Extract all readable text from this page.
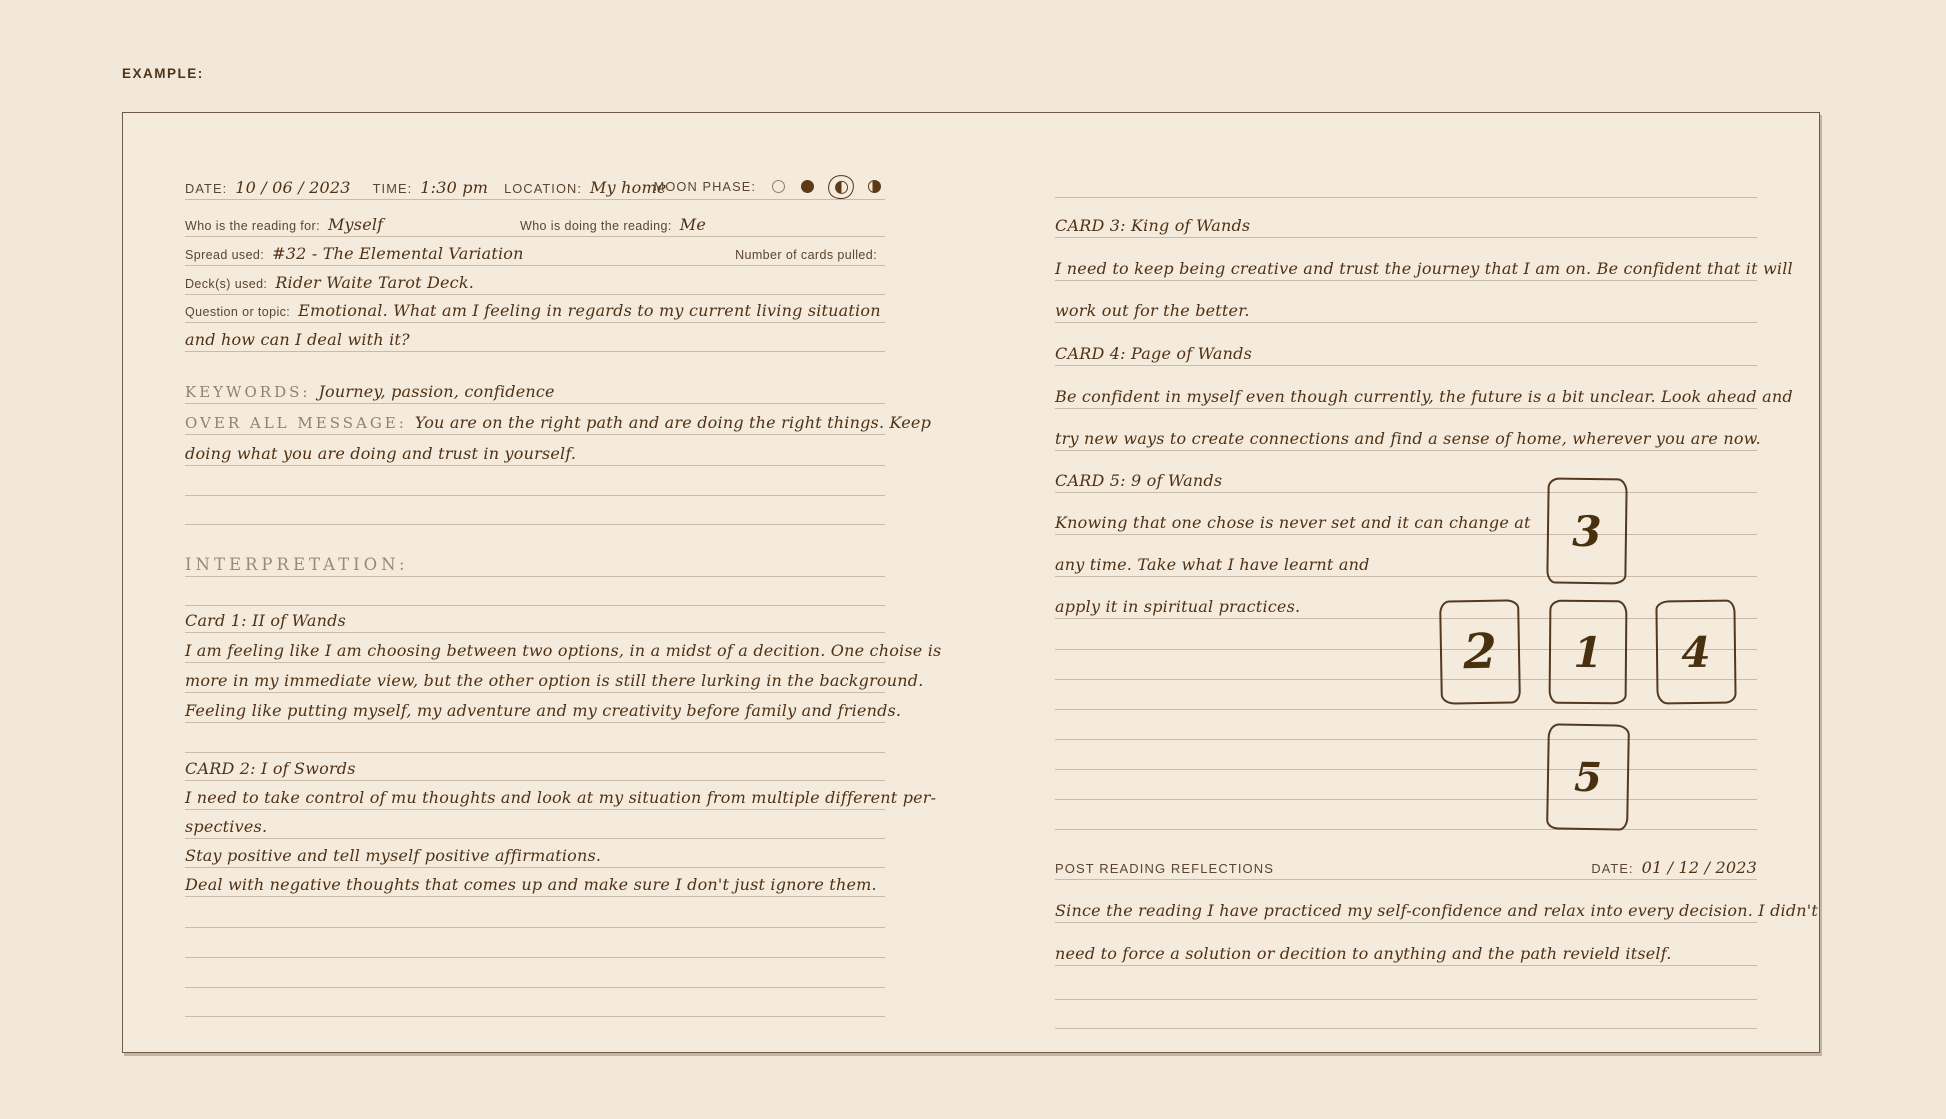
EXAMPLE:
DATE: 10 / 06 / 2023 TIME: 1:30 pm LOCATION: My home
MOON PHASE:
Who is the reading for: Myself	Who is doing the reading: Me
Spread used: #32 - The Elemental Variation	Number of cards pulled:
Deck(s) used: Rider Waite Tarot Deck.
Question or topic: Emotional. What am I feeling in regards to my current living situation
and how can I deal with it?
KEYWORDS: Journey, passion, confidence
OVER ALL MESSAGE: You are on the right path and are doing the right things. Keep
doing what you are doing and trust in yourself.
INTERPRETATION:
Card 1: II of Wands
I am feeling like I am choosing between two options, in a midst of a decition. One choise is
more in my immediate view, but the other option is still there lurking in the background.
Feeling like putting myself, my adventure and my creativity before family and friends.
CARD 2: I of Swords
I need to take control of mu thoughts and look at my situation from multiple different per-
spectives.
Stay positive and tell myself positive affirmations.
Deal with negative thoughts that comes up and make sure I don't just ignore them.
CARD 3: King of Wands
I need to keep being creative and trust the journey that I am on. Be confident that it will
work out for the better.
CARD 4: Page of Wands
Be confident in myself even though currently, the future is a bit unclear. Look ahead and
try new ways to create connections and find a sense of home, wherever you are now.
CARD 5: 9 of Wands
Knowing that one chose is never set and it can change at
any time. Take what I have learnt and
apply it in spiritual practices.
3
2 1 4
5
POST READING REFLECTIONS	DATE: 01 / 12 / 2023
Since the reading I have practiced my self-confidence and relax into every decision. I didn't
need to force a solution or decition to anything and the path revield itself.
